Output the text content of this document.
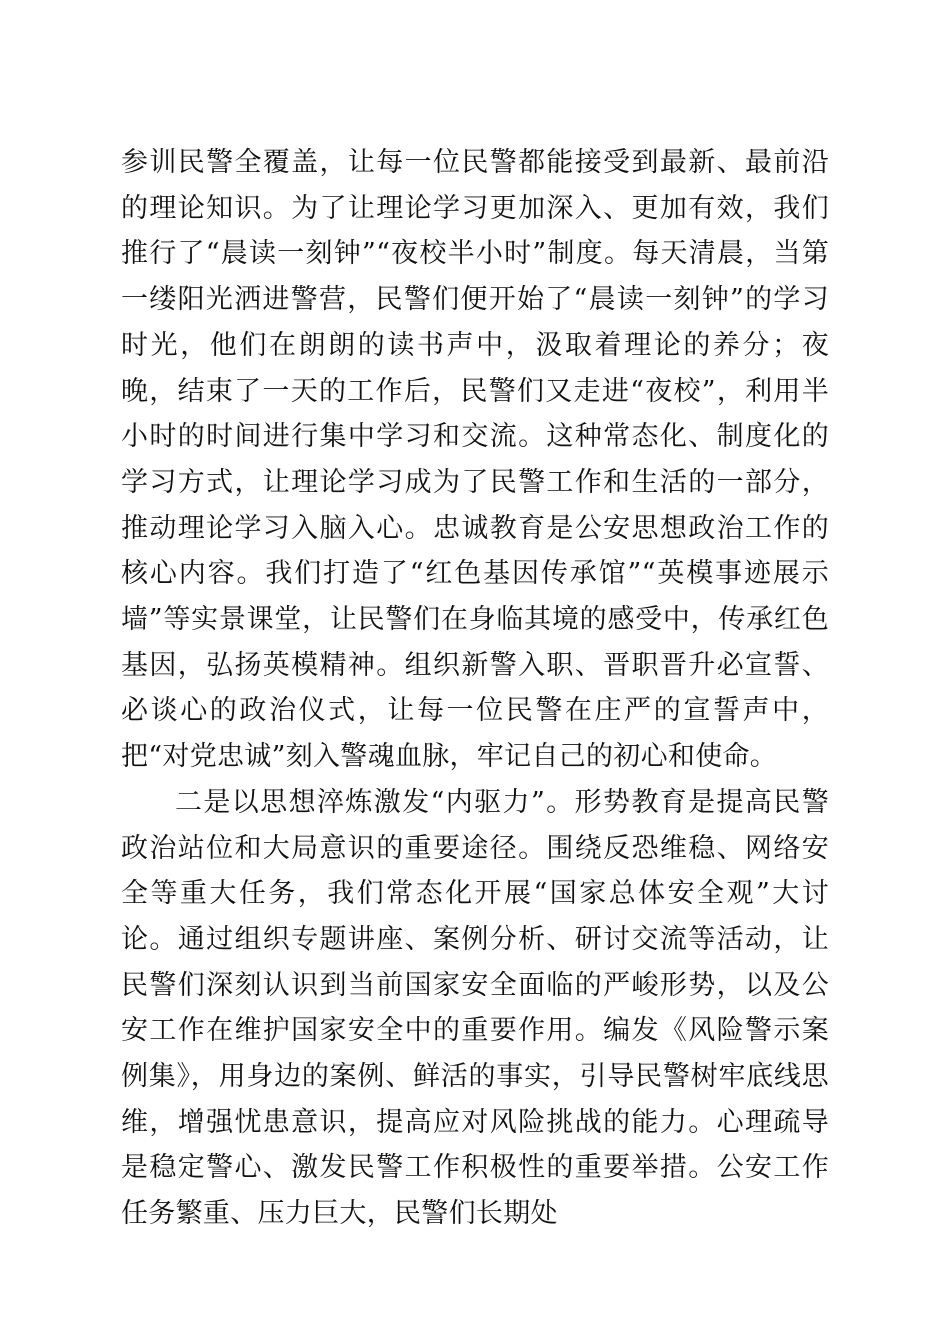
参训民警全覆盖，让每一位民警都能接受到最新、最前沿的理论知识。为了让理论学习更加深入、更加有效，我们推行了“晨读一刻钟”“夜校半小时”制度。每天清晨，当第一缕阳光洒进警营，民警们便开始了“晨读一刻钟”的学习时光，他们在朗朗的读书声中，汲取着理论的养分；夜晚，结束了一天的工作后，民警们又走进“夜校”，利用半小时的时间进行集中学习和交流。这种常态化、制度化的学习方式，让理论学习成为了民警工作和生活的一部分，推动理论学习入脑入心。忠诚教育是公安思想政治工作的核心内容。我们打造了“红色基因传承馆”“英模事迹展示墙”等实景课堂，让民警们在身临其境的感受中，传承红色基因，弘扬英模精神。组织新警入职、晋职晋升必宣誓、必谈心的政治仪式，让每一位民警在庄严的宣誓声中，把“对党忠诚”刻入警魂血脉，牢记自己的初心和使命。

二是以思想淬炼激发“内驱力”。形势教育是提高民警政治站位和大局意识的重要途径。围绕反恐维稳、网络安全等重大任务，我们常态化开展“国家总体安全观”大讨论。通过组织专题讲座、案例分析、研讨交流等活动，让民警们深刻认识到当前国家安全面临的严峻形势，以及公安工作在维护国家安全中的重要作用。编发《风险警示案例集》，用身边的案例、鲜活的事实，引导民警树牢底线思维，增强忧患意识，提高应对风险挑战的能力。心理疏导是稳定警心、激发民警工作积极性的重要举措。公安工作任务繁重、压力巨大，民警们长期处
